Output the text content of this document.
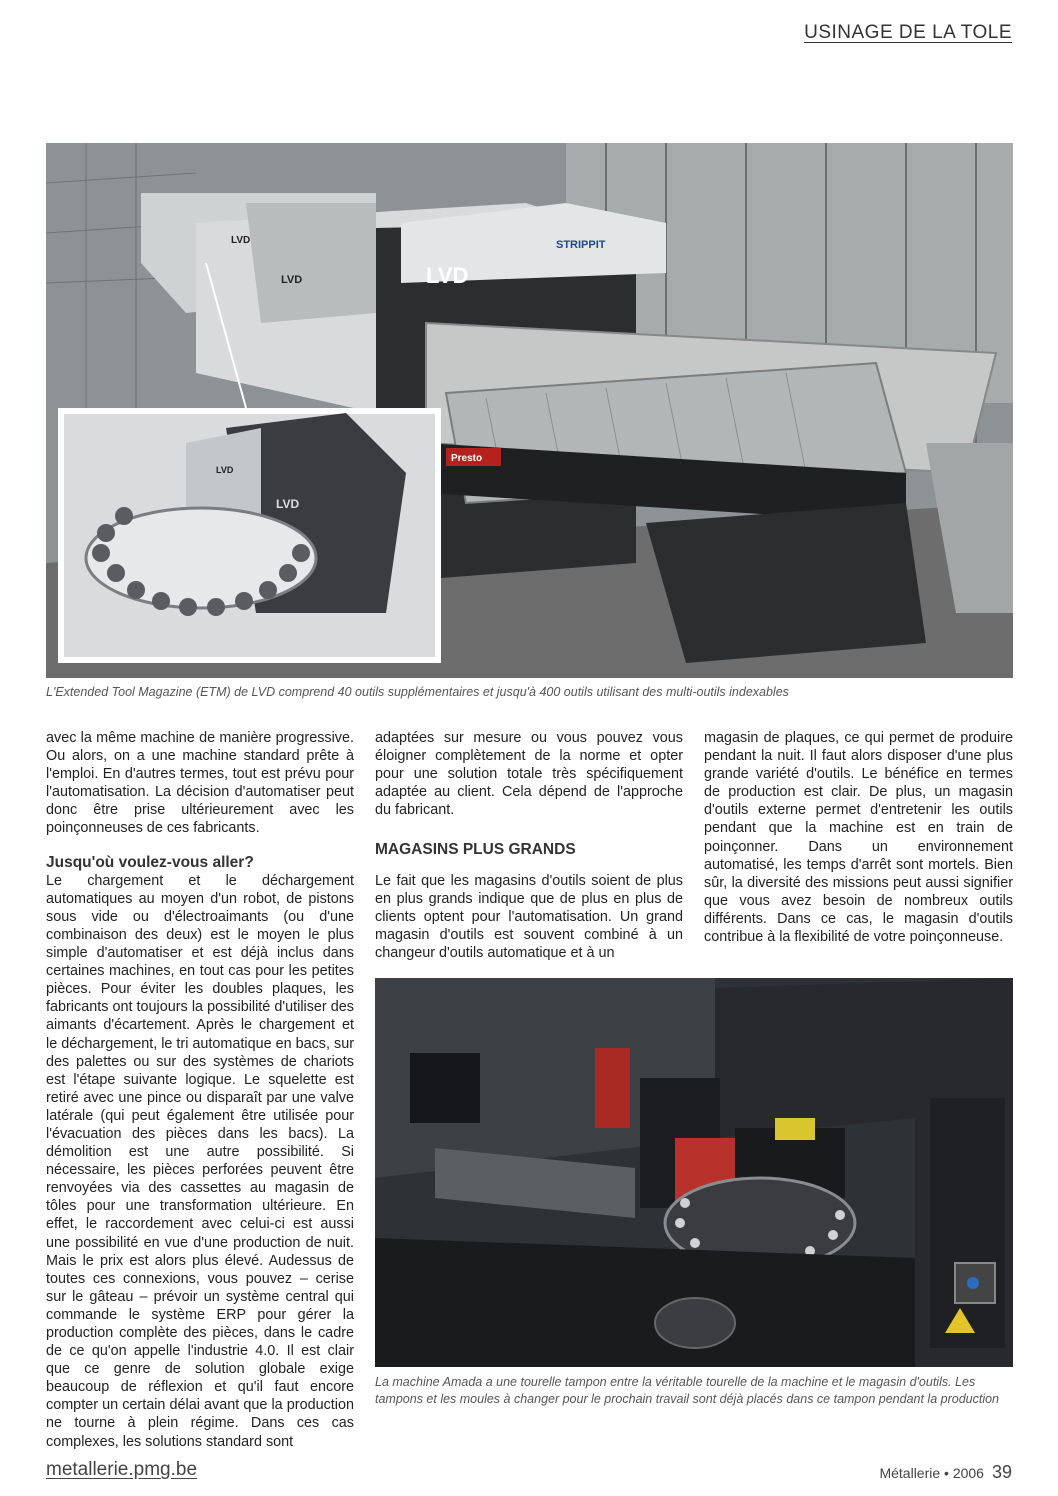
USINAGE DE LA TOLE
LVD
STRIPPIT
LVD
LVD
Presto
LVD
LVD
L'Extended Tool Magazine (ETM) de LVD comprend 40 outils supplémentaires et jusqu'à 400 outils utilisant des multi-outils indexables

avec la même machine de manière progressive. Ou alors, on a une machine standard prête à l'emploi. En d'autres termes, tout est prévu pour l'automatisation. La décision d'automatiser peut donc être prise ultérieurement avec les poinçonneuses de ces fabricants.

Jusqu'où voulez-vous aller?

Le chargement et le déchargement automatiques au moyen d'un robot, de pistons sous vide ou d'électroaimants (ou d'une combinaison des deux) est le moyen le plus simple d'automatiser et est déjà inclus dans certaines machines, en tout cas pour les petites pièces. Pour éviter les doubles plaques, les fabricants ont toujours la possibilité d'utiliser des aimants d'écartement. Après le chargement et le déchargement, le tri automatique en bacs, sur des palettes ou sur des systèmes de chariots est l'étape suivante logique. Le squelette est retiré avec une pince ou disparaît par une valve latérale (qui peut également être utilisée pour l'évacuation des pièces dans les bacs). La démolition est une autre possibilité. Si nécessaire, les pièces perforées peuvent être renvoyées via des cassettes au magasin de tôles pour une transformation ultérieure. En effet, le raccordement avec celui-ci est aussi une possibilité en vue d'une production de nuit. Mais le prix est alors plus élevé. Audessus de toutes ces connexions, vous pouvez – cerise sur le gâteau – prévoir un système central qui commande le système ERP pour gérer la production complète des pièces, dans le cadre de ce qu'on appelle l'industrie 4.0. Il est clair que ce genre de solution globale exige beaucoup de réflexion et qu'il faut encore compter un certain délai avant que la production ne tourne à plein régime. Dans ces cas complexes, les solutions standard sont

adaptées sur mesure ou vous pouvez vous éloigner complètement de la norme et opter pour une solution totale très spécifiquement adaptée au client. Cela dépend de l'approche du fabricant.

MAGASINS PLUS GRANDS

Le fait que les magasins d'outils soient de plus en plus grands indique que de plus en plus de clients optent pour l'automatisation. Un grand magasin d'outils est souvent combiné à un changeur d'outils automatique et à un

magasin de plaques, ce qui permet de produire pendant la nuit. Il faut alors disposer d'une plus grande variété d'outils. Le bénéfice en termes de production est clair. De plus, un magasin d'outils externe permet d'entretenir les outils pendant que la machine est en train de poinçonner. Dans un environnement automatisé, les temps d'arrêt sont mortels. Bien sûr, la diversité des missions peut aussi signifier que vous avez besoin de nombreux outils différents. Dans ce cas, le magasin d'outils contribue à la flexibilité de votre poinçonneuse.

La machine Amada a une tourelle tampon entre la véritable tourelle de la machine et le magasin d'outils. Les tampons et les moules à changer pour le prochain travail sont déjà placés dans ce tampon pendant la production
metallerie.pmg.be	Métallerie • 2006 39
